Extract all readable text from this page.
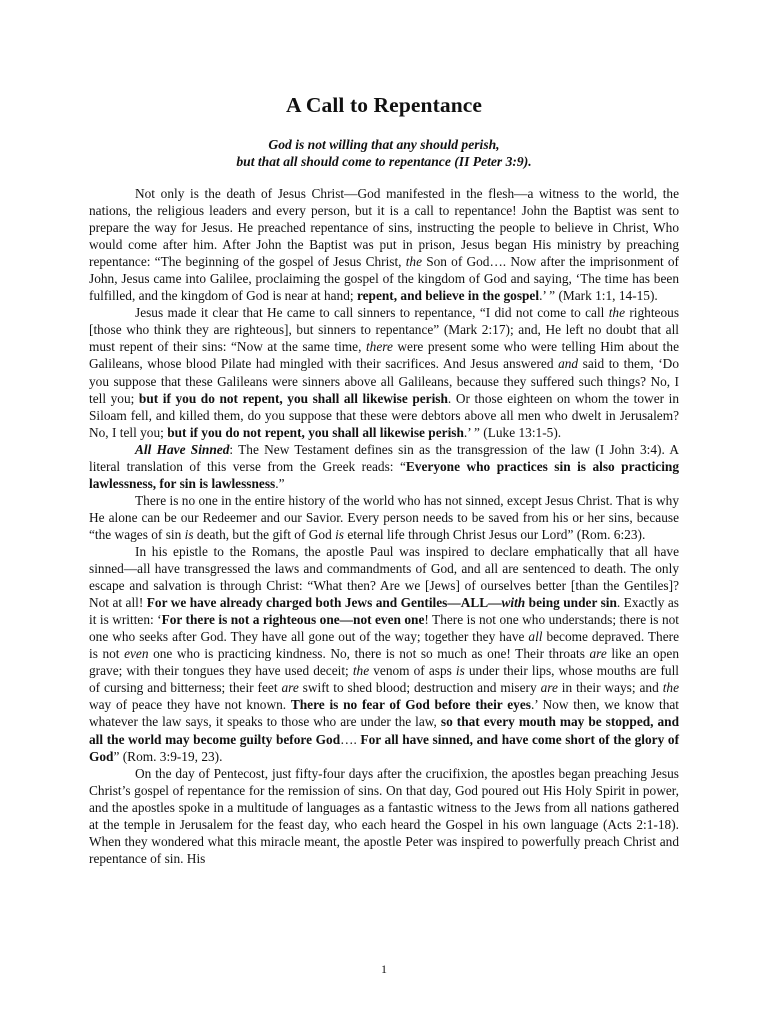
A Call to Repentance
God is not willing that any should perish,
but that all should come to repentance (II Peter 3:9).

Not only is the death of Jesus Christ—God manifested in the flesh—a witness to the world, the nations, the religious leaders and every person, but it is a call to repentance! John the Baptist was sent to prepare the way for Jesus. He preached repentance of sins, instructing the people to believe in Christ, Who would come after him. After John the Baptist was put in prison, Jesus began His ministry by preaching repentance: “The beginning of the gospel of Jesus Christ, the Son of God…. Now after the imprisonment of John, Jesus came into Galilee, proclaiming the gospel of the kingdom of God and saying, ‘The time has been fulfilled, and the kingdom of God is near at hand; repent, and believe in the gospel.’ ” (Mark 1:1, 14-15).

Jesus made it clear that He came to call sinners to repentance, “I did not come to call the righteous [those who think they are righteous], but sinners to repentance” (Mark 2:17); and, He left no doubt that all must repent of their sins: “Now at the same time, there were present some who were telling Him about the Galileans, whose blood Pilate had mingled with their sacrifices. And Jesus answered and said to them, ‘Do you suppose that these Galileans were sinners above all Galileans, because they suffered such things? No, I tell you; but if you do not repent, you shall all likewise perish. Or those eighteen on whom the tower in Siloam fell, and killed them, do you suppose that these were debtors above all men who dwelt in Jerusalem? No, I tell you; but if you do not repent, you shall all likewise perish.’ ” (Luke 13:1-5).

All Have Sinned: The New Testament defines sin as the transgression of the law (I John 3:4). A literal translation of this verse from the Greek reads: “Everyone who practices sin is also practicing lawlessness, for sin is lawlessness.”

There is no one in the entire history of the world who has not sinned, except Jesus Christ. That is why He alone can be our Redeemer and our Savior. Every person needs to be saved from his or her sins, because “the wages of sin is death, but the gift of God is eternal life through Christ Jesus our Lord” (Rom. 6:23).

In his epistle to the Romans, the apostle Paul was inspired to declare emphatically that all have sinned—all have transgressed the laws and commandments of God, and all are sentenced to death. The only escape and salvation is through Christ: “What then? Are we [Jews] of ourselves better [than the Gentiles]? Not at all! For we have already charged both Jews and Gentiles—ALL—with being under sin. Exactly as it is written: ‘For there is not a righteous one—not even one! There is not one who understands; there is not one who seeks after God. They have all gone out of the way; together they have all become depraved. There is not even one who is practicing kindness. No, there is not so much as one! Their throats are like an open grave; with their tongues they have used deceit; the venom of asps is under their lips, whose mouths are full of cursing and bitterness; their feet are swift to shed blood; destruction and misery are in their ways; and the way of peace they have not known. There is no fear of God before their eyes.’ Now then, we know that whatever the law says, it speaks to those who are under the law, so that every mouth may be stopped, and all the world may become guilty before God…. For all have sinned, and have come short of the glory of God” (Rom. 3:9-19, 23).

On the day of Pentecost, just fifty-four days after the crucifixion, the apostles began preaching Jesus Christ’s gospel of repentance for the remission of sins. On that day, God poured out His Holy Spirit in power, and the apostles spoke in a multitude of languages as a fantastic witness to the Jews from all nations gathered at the temple in Jerusalem for the feast day, who each heard the Gospel in his own language (Acts 2:1-18). When they wondered what this miracle meant, the apostle Peter was inspired to powerfully preach Christ and repentance of sin. His

1
